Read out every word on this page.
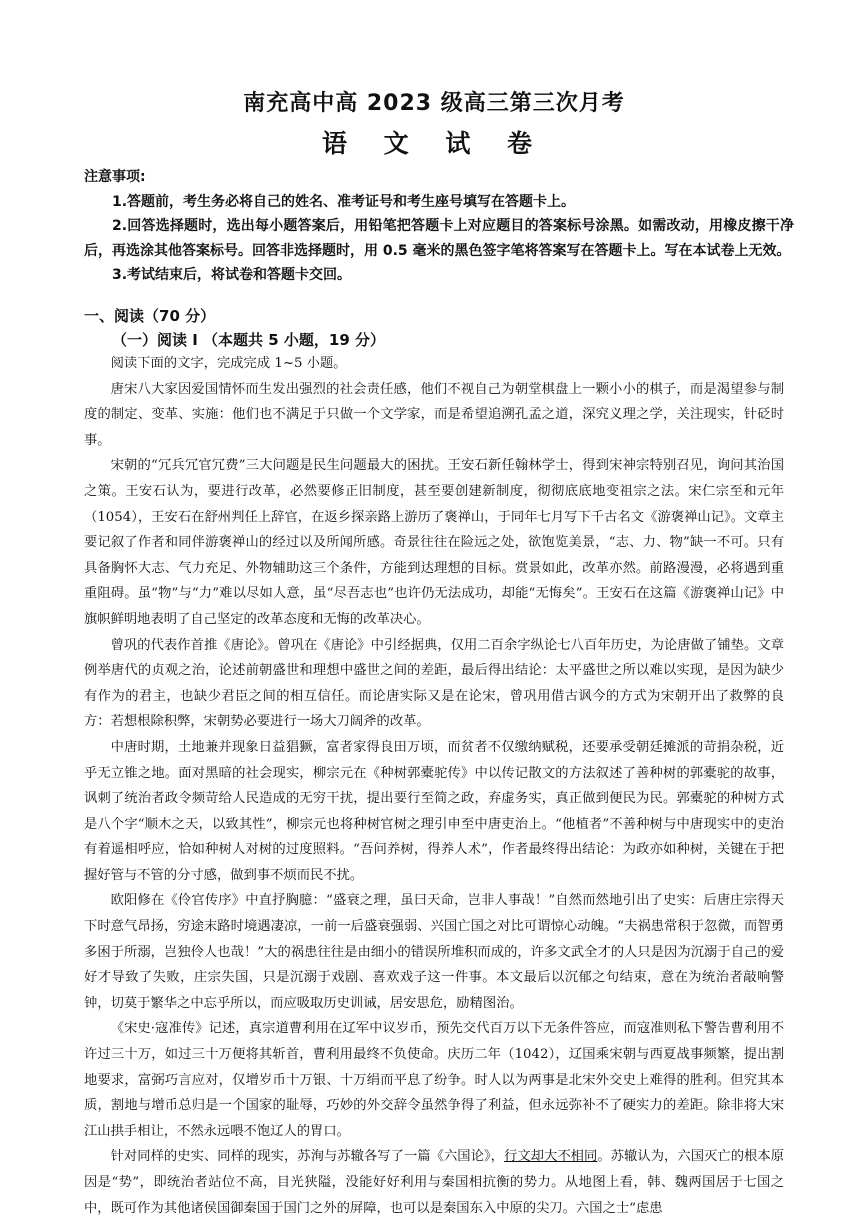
南充高中高 2023 级高三第三次月考
语 文 试 卷

注意事项:

1.答题前，考生务必将自己的姓名、准考证号和考生座号填写在答题卡上。

2.回答选择题时，选出每小题答案后，用铅笔把答题卡上对应题目的答案标号涂黑。如需改动，用橡皮擦干净后，再选涂其他答案标号。回答非选择题时，用 0.5 毫米的黑色签字笔将答案写在答题卡上。写在本试卷上无效。

3.考试结束后，将试卷和答题卡交回。

一、阅读（70 分）
（一）阅读 I （本题共 5 小题，19 分）

阅读下面的文字，完成完成 1~5 小题。

唐宋八大家因爱国情怀而生发出强烈的社会责任感，他们不视自己为朝堂棋盘上一颗小小的棋子，而是渴望参与制度的制定、变革、实施：他们也不满足于只做一个文学家，而是希望追溯孔孟之道，深究义理之学，关注现实，针砭时事。

宋朝的“冗兵冗官冗费”三大问题是民生问题最大的困扰。王安石新任翰林学士，得到宋神宗特别召见，询问其治国之策。王安石认为，要进行改革，必然要修正旧制度，甚至要创建新制度，彻彻底底地变祖宗之法。宋仁宗至和元年（1054），王安石在舒州判任上辞官，在返乡探亲路上游历了褒禅山，于同年七月写下千古名文《游褒禅山记》。文章主要记叙了作者和同伴游褒禅山的经过以及所闻所感。奇景往往在险远之处，欲饱览美景，“志、力、物”缺一不可。只有具备胸怀大志、气力充足、外物辅助这三个条件，方能到达理想的目标。赏景如此，改革亦然。前路漫漫，必将遇到重重阻碍。虽“物”与“力”难以尽如人意，虽“尽吾志也”也许仍无法成功，却能“无悔矣”。王安石在这篇《游褒禅山记》中旗帜鲜明地表明了自己坚定的改革态度和无悔的改革决心。

曾巩的代表作首推《唐论》。曾巩在《唐论》中引经据典，仅用二百余字纵论七八百年历史，为论唐做了铺垫。文章例举唐代的贞观之治，论述前朝盛世和理想中盛世之间的差距，最后得出结论：太平盛世之所以难以实现，是因为缺少有作为的君主，也缺少君臣之间的相互信任。而论唐实际又是在论宋，曾巩用借古讽今的方式为宋朝开出了救弊的良方：若想根除积弊，宋朝势必要进行一场大刀阔斧的改革。

中唐时期，土地兼并现象日益猖獗，富者家得良田万顷，而贫者不仅缴纳赋税，还要承受朝廷摊派的苛捐杂税，近乎无立锥之地。面对黑暗的社会现实，柳宗元在《种树郭橐驼传》中以传记散文的方法叙述了善种树的郭橐驼的故事，讽刺了统治者政令频苛给人民造成的无穷干扰，提出要行至简之政，弃虚务实，真正做到便民为民。郭橐驼的种树方式是八个字“顺木之天，以致其性”，柳宗元也将种树官树之理引申至中唐吏治上。“他植者”不善种树与中唐现实中的吏治有着遥相呼应，恰如种树人对树的过度照料。“吾问养树，得养人术”，作者最终得出结论：为政亦如种树，关键在于把握好管与不管的分寸感，做到事不烦而民不扰。

欧阳修在《伶官传序》中直抒胸臆：“盛衰之理，虽曰天命，岂非人事哉！”自然而然地引出了史实：后唐庄宗得天下时意气昂扬，穷途末路时境遇凄凉，一前一后盛衰强弱、兴国亡国之对比可谓惊心动魄。“夫祸患常积于忽微，而智勇多困于所溺，岂独伶人也哉！”大的祸患往往是由细小的错误所堆积而成的，许多文武全才的人只是因为沉溺于自己的爱好才导致了失败，庄宗失国，只是沉溺于戏剧、喜欢戏子这一件事。本文最后以沉郁之句结束，意在为统治者敲响警钟，切莫于繁华之中忘乎所以，而应吸取历史训诫，居安思危，励精图治。

《宋史·寇准传》记述，真宗道曹利用在辽军中议岁币，预先交代百万以下无条件答应，而寇准则私下警告曹利用不许过三十万，如过三十万便将其斩首，曹利用最终不负使命。庆历二年（1042），辽国乘宋朝与西夏战事频繁，提出割地要求，富弼巧言应对，仅增岁币十万银、十万绢而平息了纷争。时人以为两事是北宋外交史上难得的胜利。但究其本质，割地与增币总归是一个国家的耻辱，巧妙的外交辞令虽然争得了利益，但永远弥补不了硬实力的差距。除非将大宋江山拱手相让，不然永远喂不饱辽人的胃口。

针对同样的史实、同样的现实，苏洵与苏辙各写了一篇《六国论》，行文却大不相同。苏辙认为，六国灭亡的根本原因是“势”，即统治者站位不高，目光狭隘，没能好好利用与秦国相抗衡的势力。从地图上看，韩、魏两国居于七国之中，既可作为其他诸侯国御秦国于国门之外的屏障，也可以是秦国东入中原的尖刀。六国之士“虑患
